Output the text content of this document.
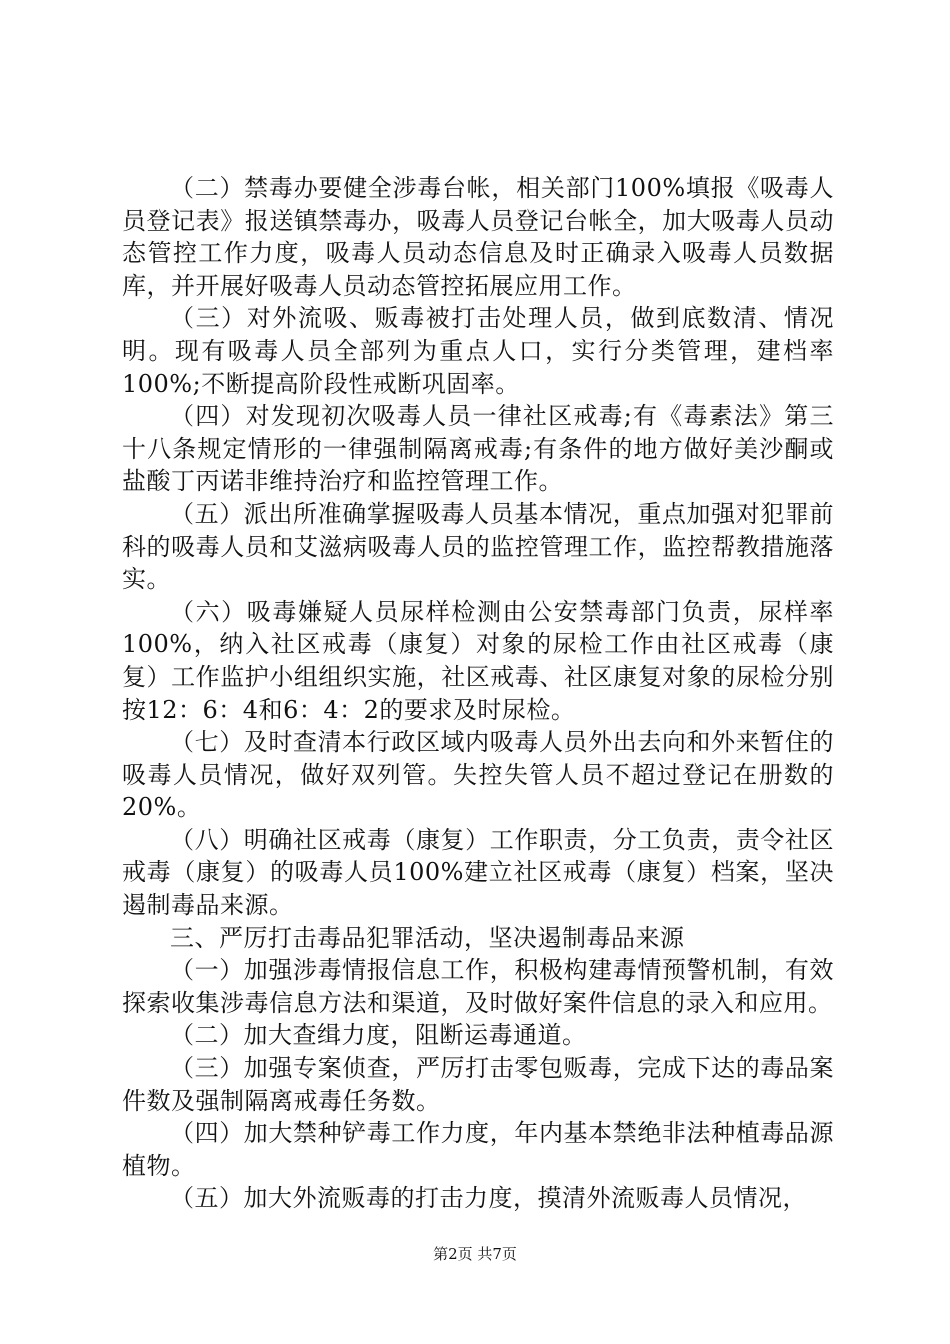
（二）禁毒办要健全涉毒台帐，相关部门100%填报《吸毒人员登记表》报送镇禁毒办，吸毒人员登记台帐全，加大吸毒人员动态管控工作力度，吸毒人员动态信息及时正确录入吸毒人员数据库，并开展好吸毒人员动态管控拓展应用工作。

（三）对外流吸、贩毒被打击处理人员，做到底数清、情况明。现有吸毒人员全部列为重点人口，实行分类管理，建档率100%;不断提高阶段性戒断巩固率。

（四）对发现初次吸毒人员一律社区戒毒;有《毒素法》第三十八条规定情形的一律强制隔离戒毒;有条件的地方做好美沙酮或盐酸丁丙诺非维持治疗和监控管理工作。

（五）派出所准确掌握吸毒人员基本情况，重点加强对犯罪前科的吸毒人员和艾滋病吸毒人员的监控管理工作，监控帮教措施落实。

（六）吸毒嫌疑人员尿样检测由公安禁毒部门负责，尿样率100%，纳入社区戒毒（康复）对象的尿检工作由社区戒毒（康复）工作监护小组组织实施，社区戒毒、社区康复对象的尿检分别按12：6：4和6：4：2的要求及时尿检。

（七）及时查清本行政区域内吸毒人员外出去向和外来暂住的吸毒人员情况，做好双列管。失控失管人员不超过登记在册数的20%。

（八）明确社区戒毒（康复）工作职责，分工负责，责令社区戒毒（康复）的吸毒人员100%建立社区戒毒（康复）档案，坚决遏制毒品来源。

三、严厉打击毒品犯罪活动，坚决遏制毒品来源

（一）加强涉毒情报信息工作，积极构建毒情预警机制，有效探索收集涉毒信息方法和渠道，及时做好案件信息的录入和应用。

（二）加大查缉力度，阻断运毒通道。

（三）加强专案侦查，严厉打击零包贩毒，完成下达的毒品案件数及强制隔离戒毒任务数。

（四）加大禁种铲毒工作力度，年内基本禁绝非法种植毒品源植物。

（五）加大外流贩毒的打击力度，摸清外流贩毒人员情况，

第2页 共7页
